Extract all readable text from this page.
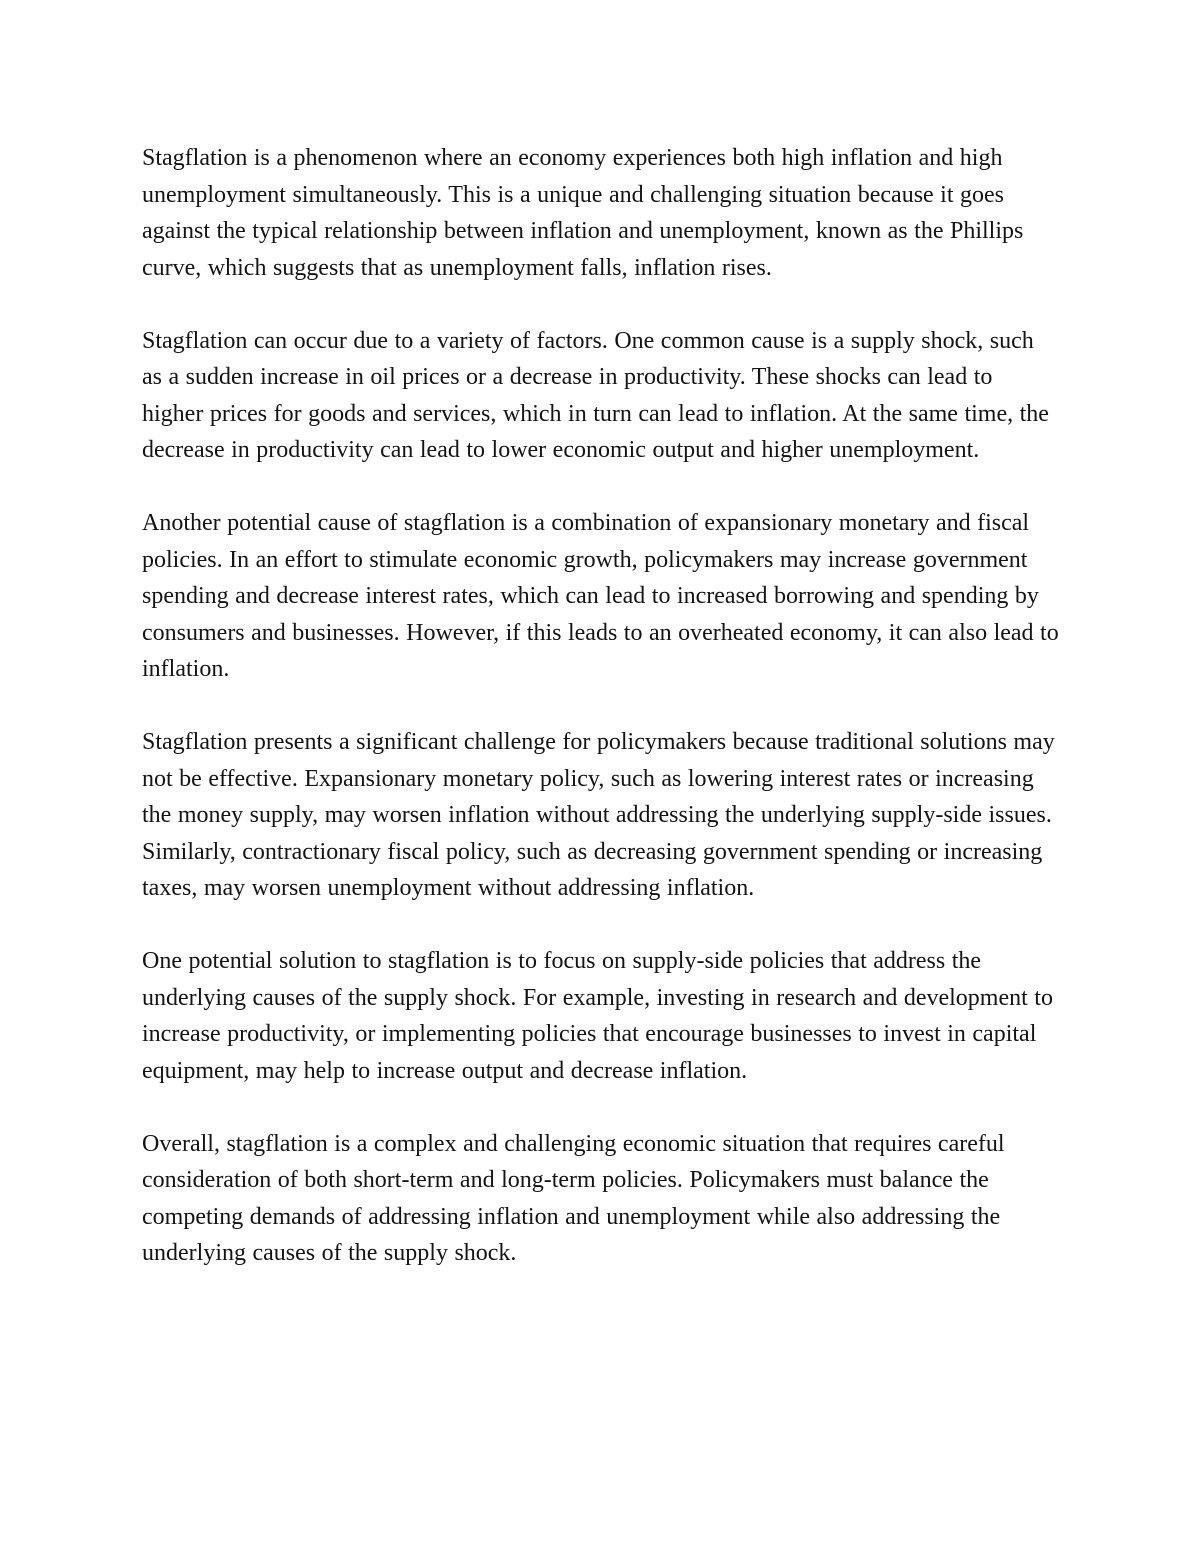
Stagflation is a phenomenon where an economy experiences both high inflation and high unemployment simultaneously. This is a unique and challenging situation because it goes against the typical relationship between inflation and unemployment, known as the Phillips curve, which suggests that as unemployment falls, inflation rises.

Stagflation can occur due to a variety of factors. One common cause is a supply shock, such as a sudden increase in oil prices or a decrease in productivity. These shocks can lead to higher prices for goods and services, which in turn can lead to inflation. At the same time, the decrease in productivity can lead to lower economic output and higher unemployment.

Another potential cause of stagflation is a combination of expansionary monetary and fiscal policies. In an effort to stimulate economic growth, policymakers may increase government spending and decrease interest rates, which can lead to increased borrowing and spending by consumers and businesses. However, if this leads to an overheated economy, it can also lead to inflation.

Stagflation presents a significant challenge for policymakers because traditional solutions may not be effective. Expansionary monetary policy, such as lowering interest rates or increasing the money supply, may worsen inflation without addressing the underlying supply-side issues. Similarly, contractionary fiscal policy, such as decreasing government spending or increasing taxes, may worsen unemployment without addressing inflation.

One potential solution to stagflation is to focus on supply-side policies that address the underlying causes of the supply shock. For example, investing in research and development to increase productivity, or implementing policies that encourage businesses to invest in capital equipment, may help to increase output and decrease inflation.

Overall, stagflation is a complex and challenging economic situation that requires careful consideration of both short-term and long-term policies. Policymakers must balance the competing demands of addressing inflation and unemployment while also addressing the underlying causes of the supply shock.
